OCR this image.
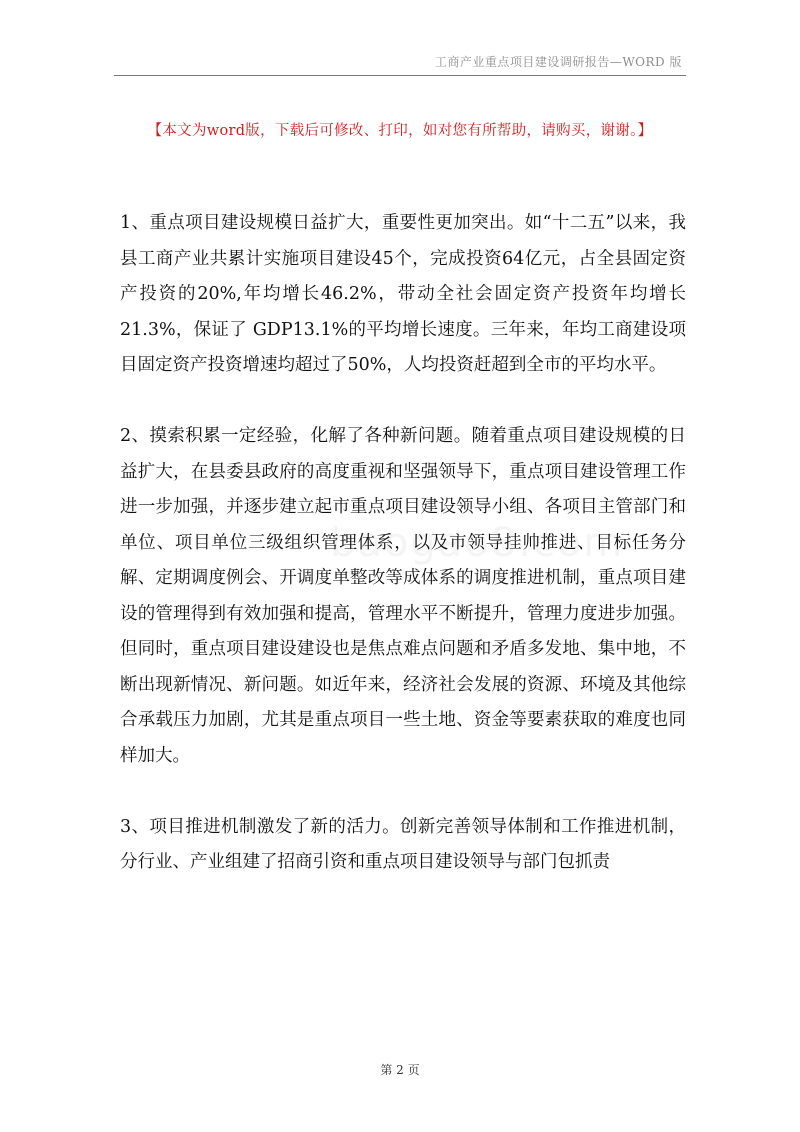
工商产业重点项目建设调研报告—WORD 版
【本文为word版，下载后可修改、打印，如对您有所帮助，请购买，谢谢。】

1、重点项目建设规模日益扩大，重要性更加突出。如“十二五”以来，我县工商产业共累计实施项目建设45个，完成投资64亿元，占全县固定资产投资的20%,年均增长46.2%，带动全社会固定资产投资年均增长 21.3%，保证了 GDP13.1%的平均增长速度。三年来，年均工商建设项目固定资产投资增速均超过了50%，人均投资赶超到全市的平均水平。

2、摸索积累一定经验，化解了各种新问题。随着重点项目建设规模的日益扩大，在县委县政府的高度重视和坚强领导下，重点项目建设管理工作进一步加强，并逐步建立起市重点项目建设领导小组、各项目主管部门和单位、项目单位三级组织管理体系，以及市领导挂帅推进、目标任务分解、定期调度例会、开调度单整改等成体系的调度推进机制，重点项目建设的管理得到有效加强和提高，管理水平不断提升，管理力度进步加强。但同时，重点项目建设建设也是焦点难点问题和矛盾多发地、集中地，不断出现新情况、新问题。如近年来，经济社会发展的资源、环境及其他综合承载压力加剧，尤其是重点项目一些土地、资金等要素获取的难度也同样加大。

3、项目推进机制激发了新的活力。创新完善领导体制和工作推进机制，分行业、产业组建了招商引资和重点项目建设领导与部门包抓责

第 2 页
